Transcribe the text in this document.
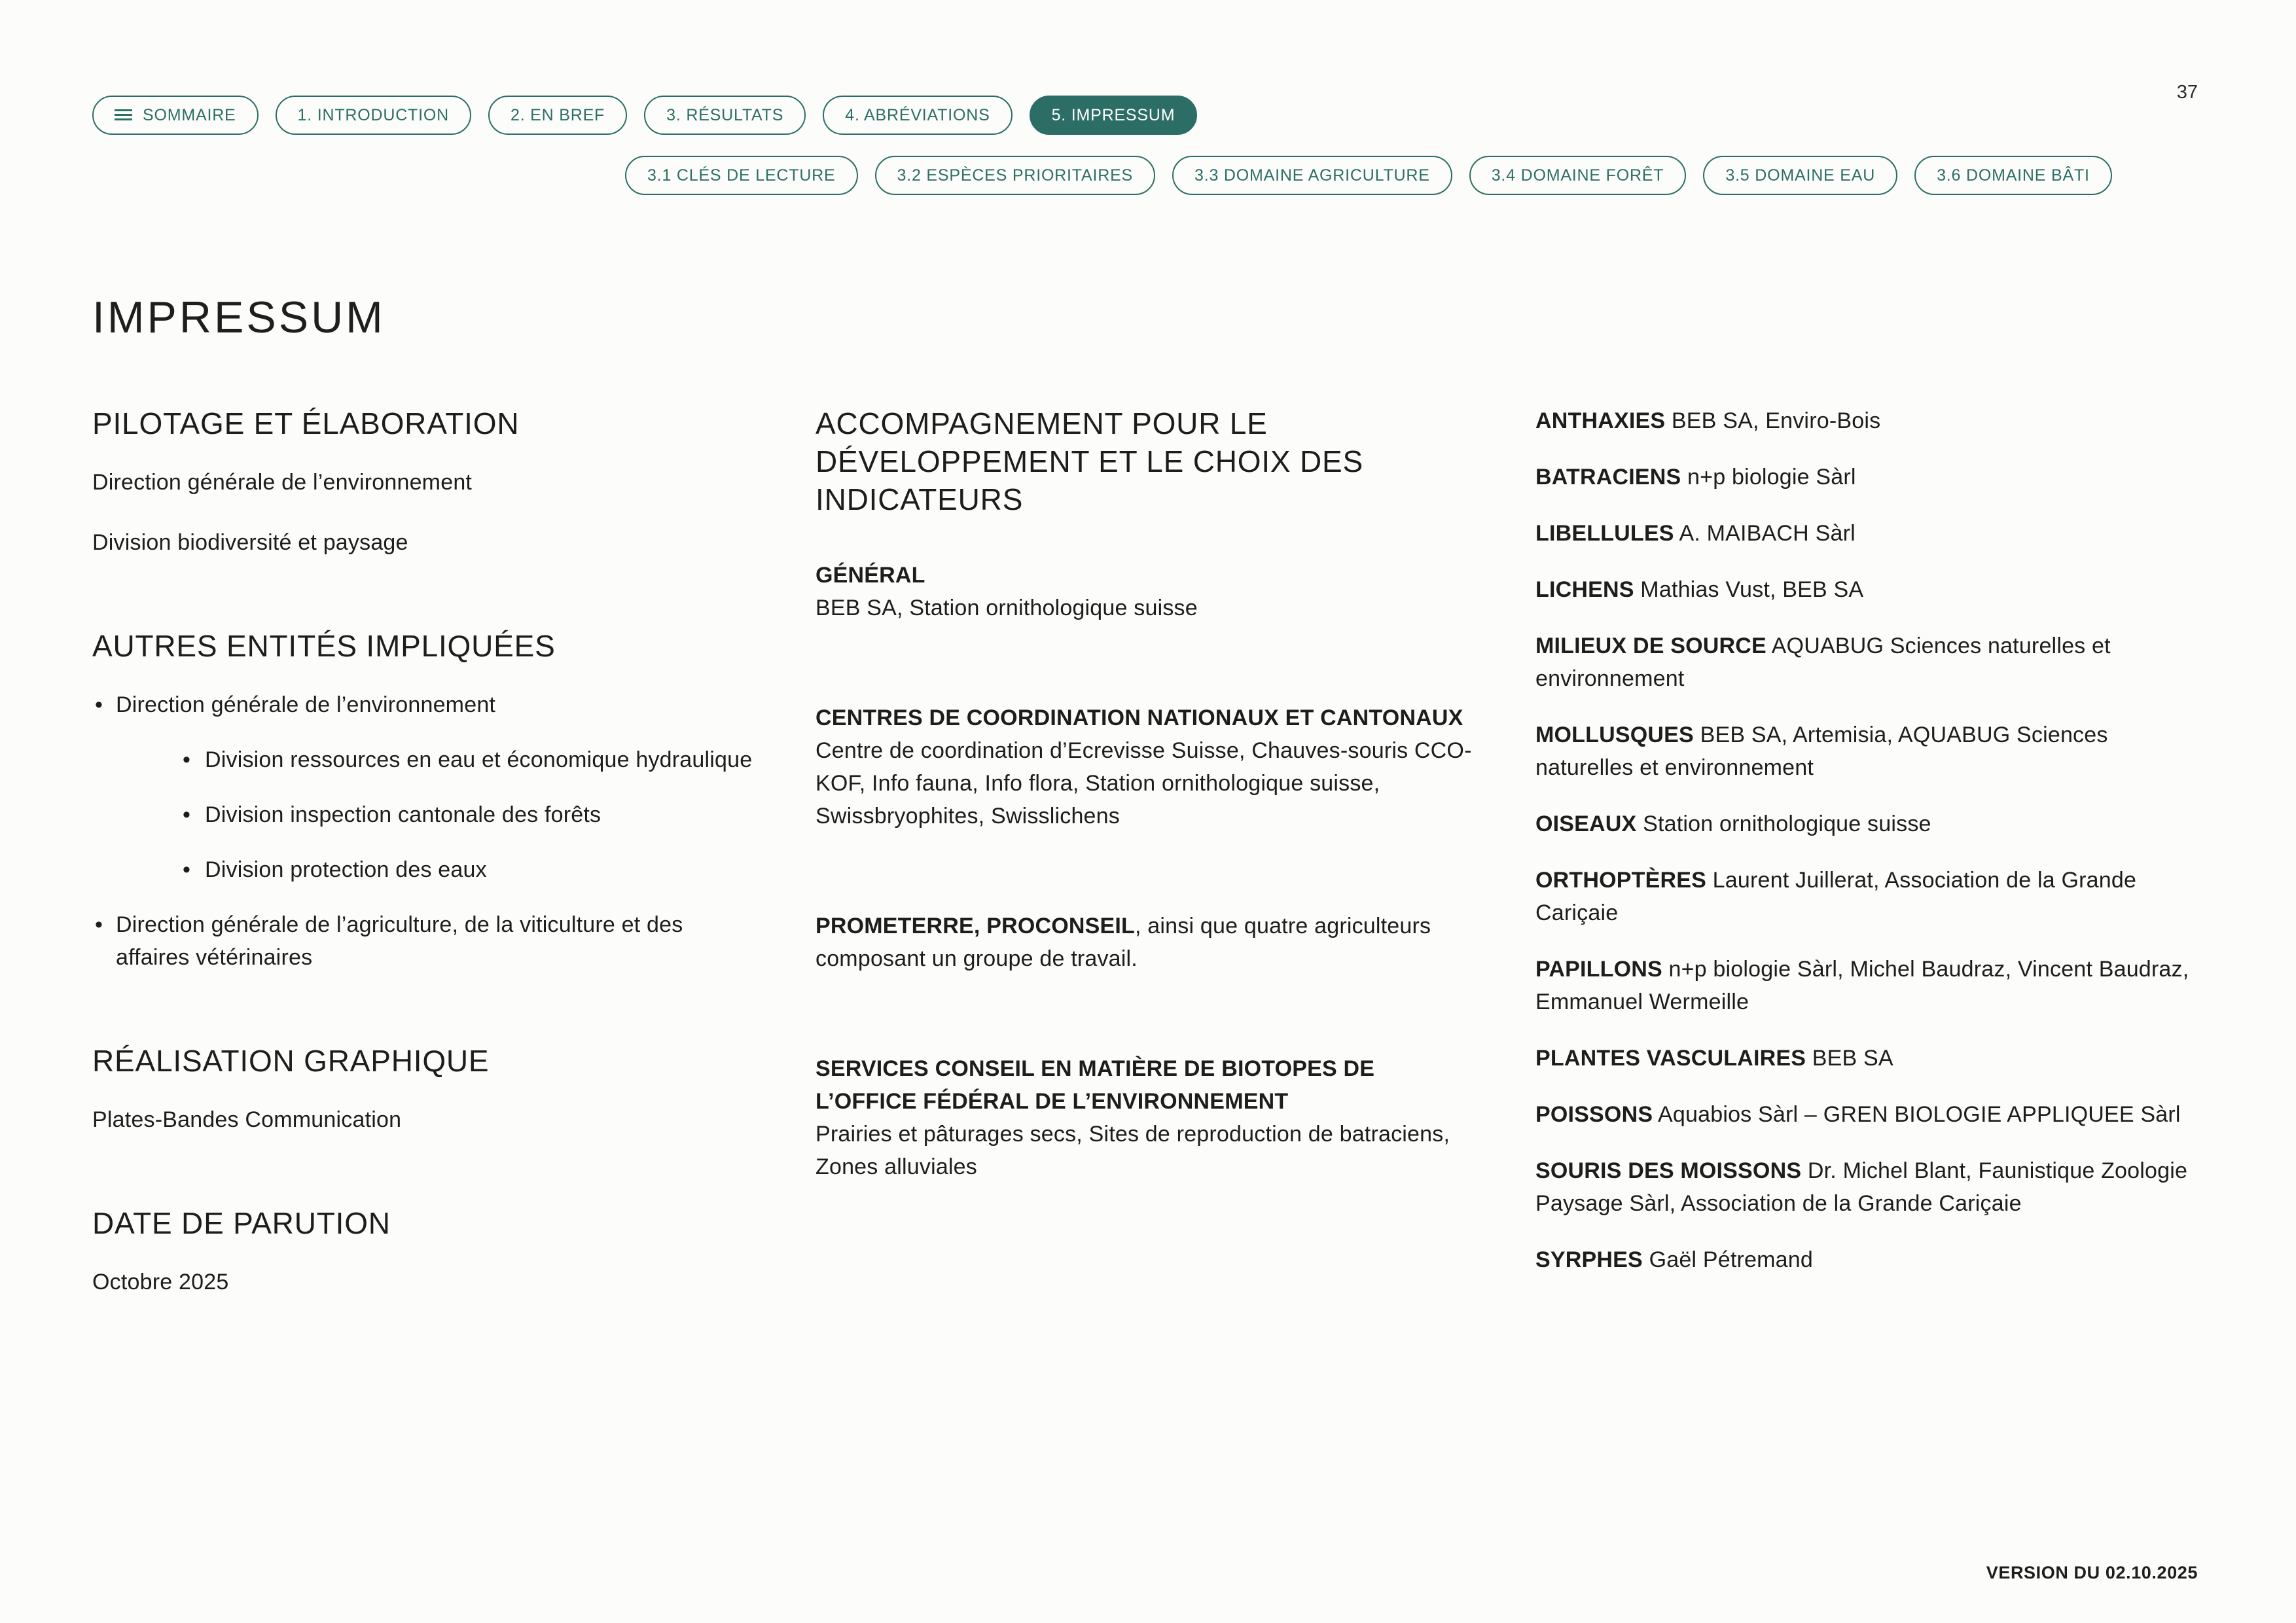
37
SOMMAIRE	1. INTRODUCTION	2. EN BREF	3. RÉSULTATS	4. ABRÉVIATIONS	5. IMPRESSUM
3.1 CLÉS DE LECTURE	3.2 ESPÈCES PRIORITAIRES	3.3 DOMAINE AGRICULTURE	3.4 DOMAINE FORÊT	3.5 DOMAINE EAU	3.6 DOMAINE BÂTI
IMPRESSUM
PILOTAGE ET ÉLABORATION

Direction générale de l’environnement

Division biodiversité et paysage

AUTRES ENTITÉS IMPLIQUÉES
• Direction générale de l’environnement
• Division ressources en eau et économique hydraulique
• Division inspection cantonale des forêts
• Division protection des eaux
• Direction générale de l’agriculture, de la viticulture et des affaires vétérinaires
RÉALISATION GRAPHIQUE

Plates-Bandes Communication

DATE DE PARUTION

Octobre 2025

ACCOMPAGNEMENT POUR LE DÉVELOPPEMENT ET LE CHOIX DES INDICATEURS

GÉNÉRAL

BEB SA, Station ornithologique suisse

CENTRES DE COORDINATION NATIONAUX ET CANTONAUX

Centre de coordination d’Ecrevisse Suisse, Chauves-souris CCO-KOF, Info fauna, Info flora, Station ornithologique suisse, Swissbryophites, Swisslichens

PROMETERRE, PROCONSEIL, ainsi que quatre agriculteurs composant un groupe de travail.

SERVICES CONSEIL EN MATIÈRE DE BIOTOPES DE L’OFFICE FÉDÉRAL DE L’ENVIRONNEMENT

Prairies et pâturages secs, Sites de reproduction de batraciens, Zones alluviales

ANTHAXIES BEB SA, Enviro-Bois

BATRACIENS n+p biologie Sàrl

LIBELLULES A. MAIBACH Sàrl

LICHENS Mathias Vust, BEB SA

MILIEUX DE SOURCE AQUABUG Sciences naturelles et environnement

MOLLUSQUES BEB SA, Artemisia, AQUABUG Sciences naturelles et environnement

OISEAUX Station ornithologique suisse

ORTHOPTÈRES Laurent Juillerat, Association de la Grande Cariçaie

PAPILLONS n+p biologie Sàrl, Michel Baudraz, Vincent Baudraz, Emmanuel Wermeille

PLANTES VASCULAIRES BEB SA

POISSONS Aquabios Sàrl – GREN BIOLOGIE APPLIQUEE Sàrl

SOURIS DES MOISSONS Dr. Michel Blant, Faunistique Zoologie Paysage Sàrl, Association de la Grande Cariçaie

SYRPHES Gaël Pétremand

VERSION DU 02.10.2025
